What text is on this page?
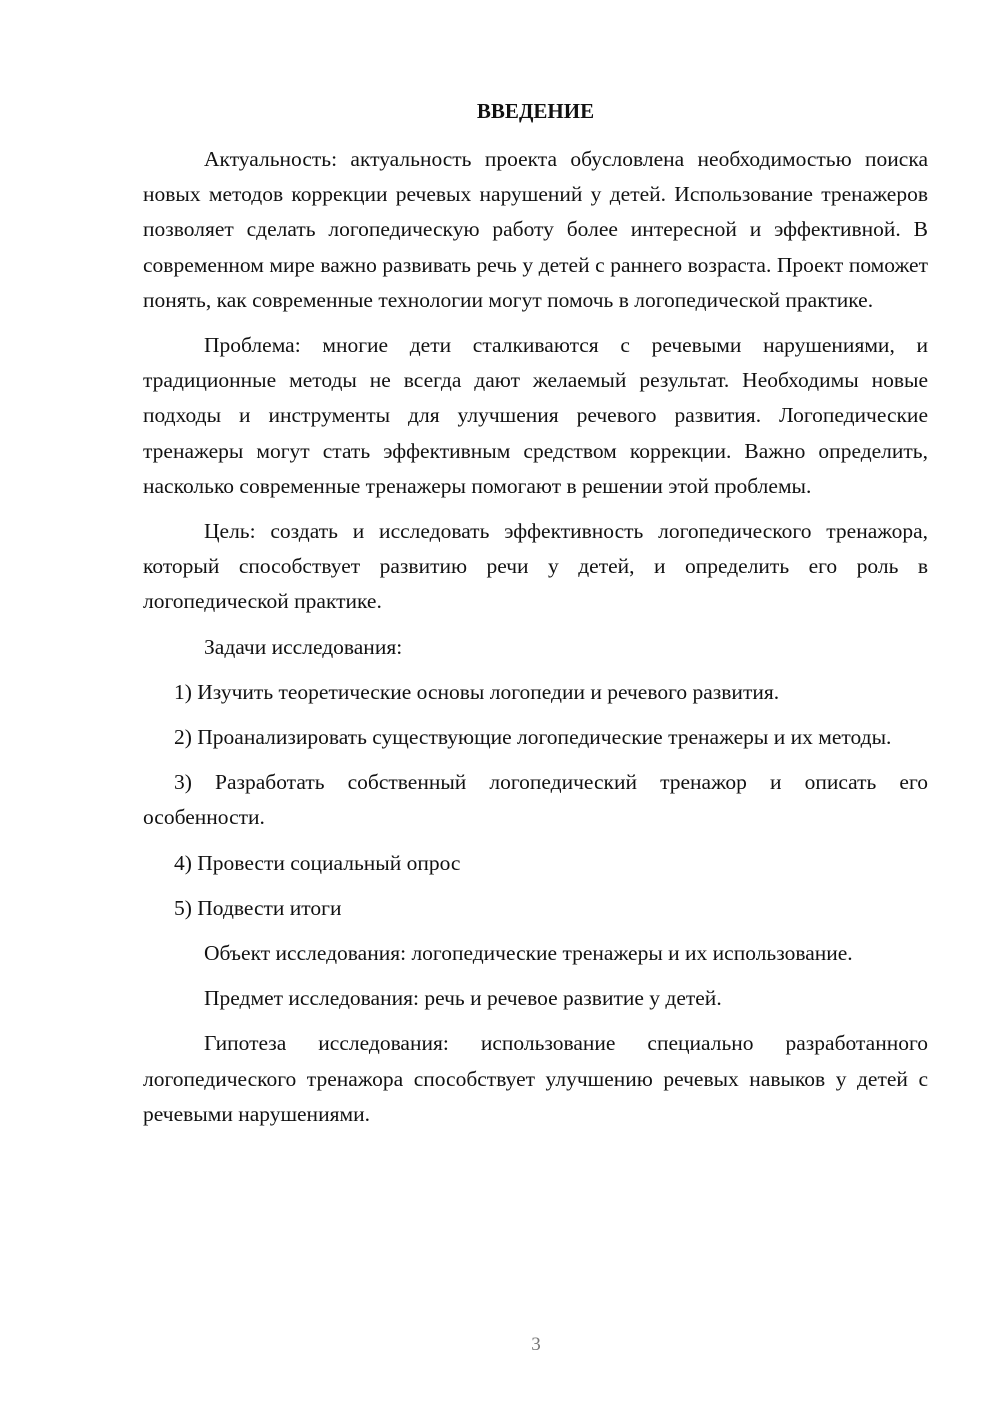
ВВЕДЕНИЕ

Актуальность: актуальность проекта обусловлена необходимостью поиска новых методов коррекции речевых нарушений у детей. Использование тренажеров позволяет сделать логопедическую работу более интересной и эффективной. В современном мире важно развивать речь у детей с раннего возраста. Проект поможет понять, как современные технологии могут помочь в логопедической практике.

Проблема: многие дети сталкиваются с речевыми нарушениями, и традиционные методы не всегда дают желаемый результат. Необходимы новые подходы и инструменты для улучшения речевого развития. Логопедические тренажеры могут стать эффективным средством коррекции. Важно определить, насколько современные тренажеры помогают в решении этой проблемы.

Цель: создать и исследовать эффективность логопедического тренажора, который способствует развитию речи у детей, и определить его роль в логопедической практике.

Задачи исследования:

1) Изучить теоретические основы логопедии и речевого развития.

2) Проанализировать существующие логопедические тренажеры и их методы.

3) Разработать собственный логопедический тренажор и описать его особенности.

4) Провести социальный опрос

5) Подвести итоги

Объект исследования: логопедические тренажеры и их использование.

Предмет исследования: речь и речевое развитие у детей.

Гипотеза исследования: использование специально разработанного логопедического тренажора способствует улучшению речевых навыков у детей с речевыми нарушениями.

3
